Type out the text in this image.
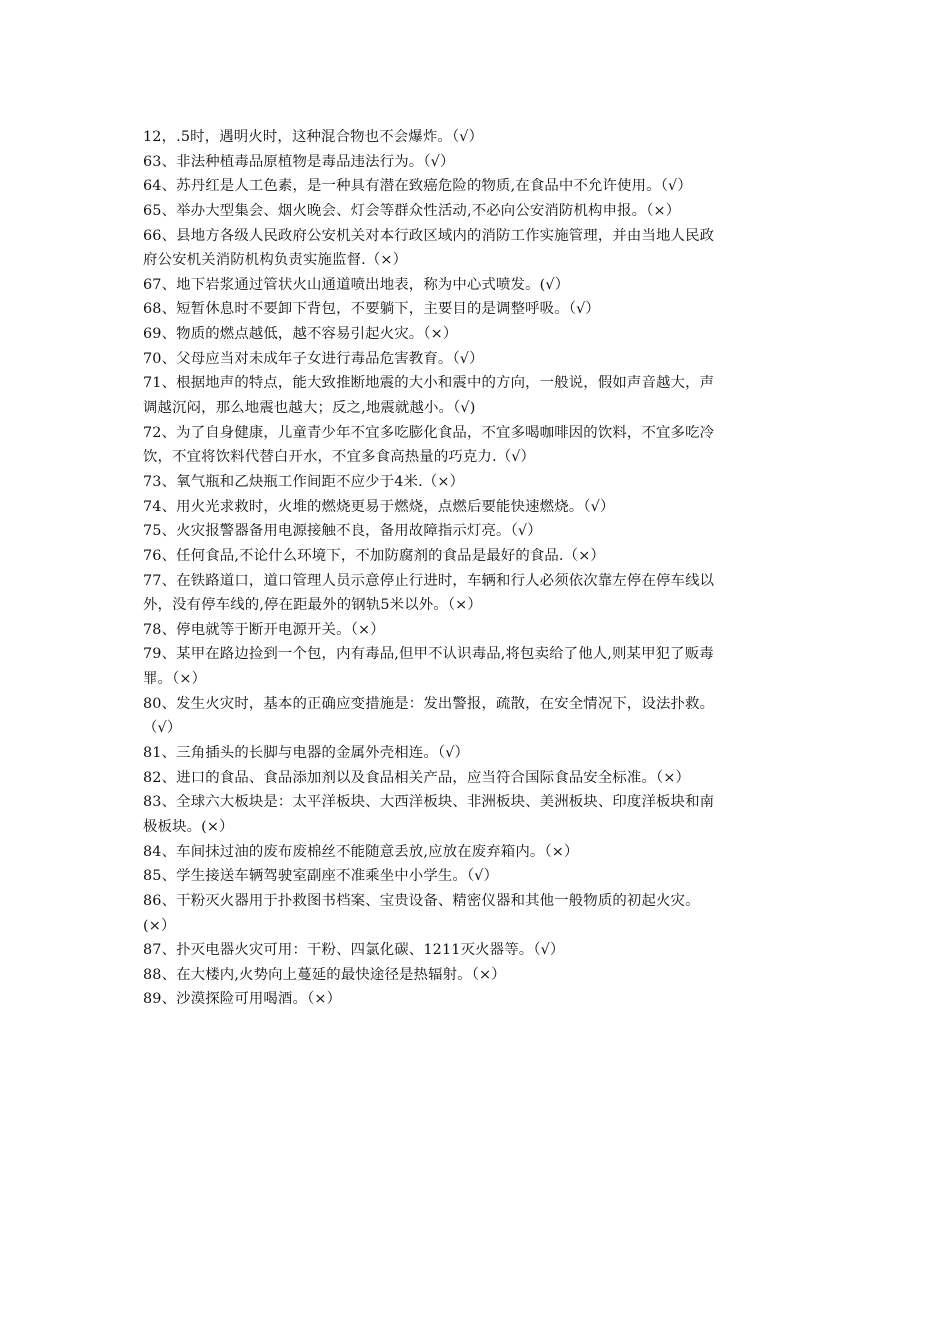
12，.5时，遇明火时，这种混合物也不会爆炸。（√）
63、非法种植毒品原植物是毒品违法行为。（√）
64、苏丹红是人工色素，是一种具有潜在致癌危险的物质,在食品中不允许使用。（√）
65、举办大型集会、烟火晚会、灯会等群众性活动,不必向公安消防机构申报。（×）
66、县地方各级人民政府公安机关对本行政区域内的消防工作实施管理，并由当地人民政
府公安机关消防机构负责实施监督.（×）
67、地下岩浆通过管状火山通道喷出地表，称为中心式喷发。(√）
68、短暂休息时不要卸下背包，不要躺下，主要目的是调整呼吸。（√）
69、物质的燃点越低，越不容易引起火灾。（×）
70、父母应当对未成年子女进行毒品危害教育。（√）
71、根据地声的特点，能大致推断地震的大小和震中的方向，一般说，假如声音越大，声
调越沉闷，那么地震也越大；反之,地震就越小。（√)
72、为了自身健康，儿童青少年不宜多吃膨化食品，不宜多喝咖啡因的饮料，不宜多吃冷
饮，不宜将饮料代替白开水，不宜多食高热量的巧克力.（√）
73、氧气瓶和乙炔瓶工作间距不应少于4米.（×）
74、用火光求救时，火堆的燃烧更易于燃烧，点燃后要能快速燃烧。（√）
75、火灾报警器备用电源接触不良，备用故障指示灯亮。（√）
76、任何食品,不论什么环境下，不加防腐剂的食品是最好的食品.（×）
77、在铁路道口，道口管理人员示意停止行进时，车辆和行人必须依次靠左停在停车线以
外，没有停车线的,停在距最外的钢轨5米以外。（×）
78、停电就等于断开电源开关。（×）
79、某甲在路边捡到一个包，内有毒品,但甲不认识毒品,将包卖给了他人,则某甲犯了贩毒
罪。（×）
80、发生火灾时，基本的正确应变措施是：发出警报，疏散，在安全情况下，设法扑救。
（√）
81、三角插头的长脚与电器的金属外壳相连。（√）
82、进口的食品、食品添加剂以及食品相关产品，应当符合国际食品安全标准。（×）
83、全球六大板块是：太平洋板块、大西洋板块、非洲板块、美洲板块、印度洋板块和南
极板块。(×）
84、车间抹过油的废布废棉丝不能随意丢放,应放在废弃箱内。（×）
85、学生接送车辆驾驶室副座不准乘坐中小学生。（√）
86、干粉灭火器用于扑救图书档案、宝贵设备、精密仪器和其他一般物质的初起火灾。
(×）
87、扑灭电器火灾可用：干粉、四氯化碳、1211灭火器等。（√）
88、在大楼内,火势向上蔓延的最快途径是热辐射。（×）
89、沙漠探险可用喝酒。（×）
